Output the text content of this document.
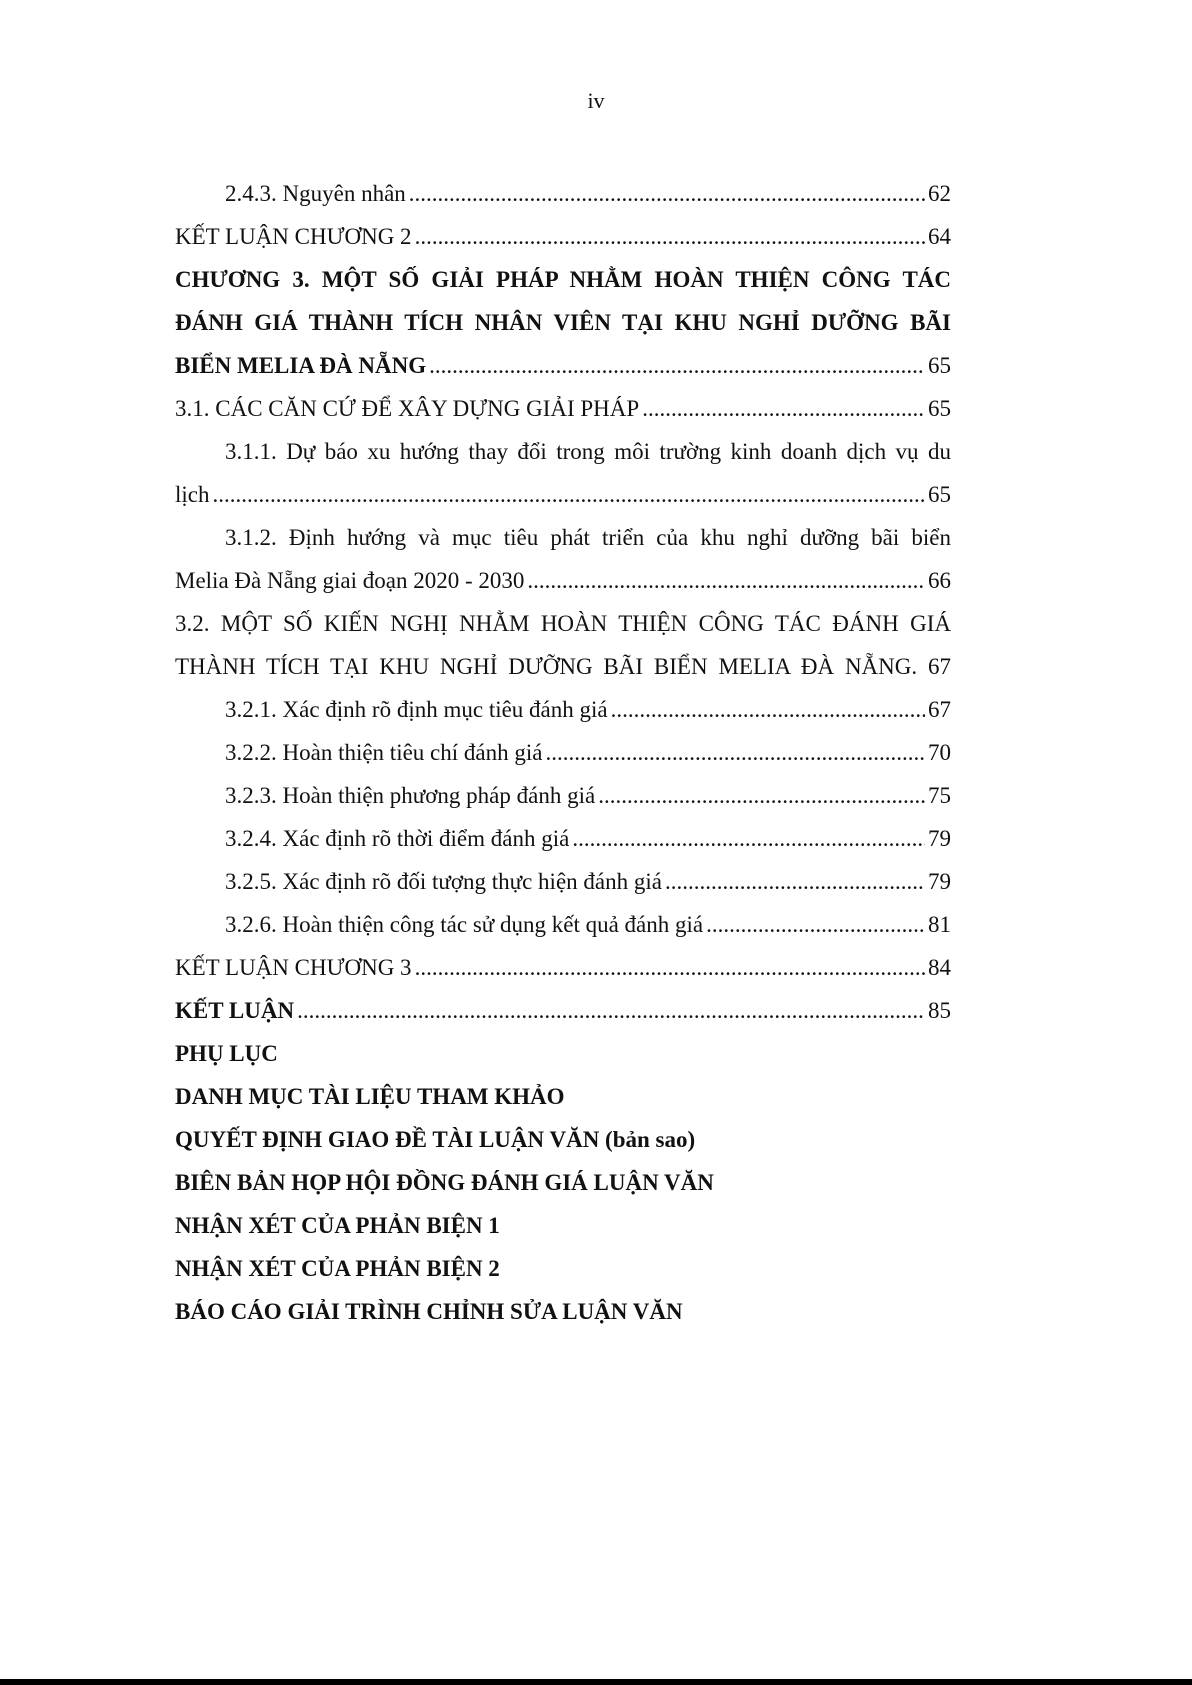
iv
2.4.3. Nguyên nhân .....	62
KẾT LUẬN CHƯƠNG 2 .....	64
CHƯƠNG 3. MỘT SỐ GIẢI PHÁP NHẰM HOÀN THIỆN CÔNG TÁC
ĐÁNH GIÁ THÀNH TÍCH NHÂN VIÊN TẠI KHU NGHỈ DƯỠNG BÃI
BIỂN MELIA ĐÀ NẴNG .....	65
3.1. CÁC CĂN CỨ ĐỂ XÂY DỰNG GIẢI PHÁP .....	65
3.1.1. Dự báo xu hướng thay đổi trong môi trường kinh doanh dịch vụ du
lịch .....	65
3.1.2. Định hướng và mục tiêu phát triển của khu nghỉ dưỡng bãi biển
Melia Đà Nẵng giai đoạn 2020 - 2030 .....	66
3.2. MỘT SỐ KIẾN NGHỊ NHẰM HOÀN THIỆN CÔNG TÁC ĐÁNH GIÁ
THÀNH TÍCH TẠI KHU NGHỈ DƯỠNG BÃI BIỂN MELIA ĐÀ NẴNG. 67
3.2.1. Xác định rõ định mục tiêu đánh giá .....	67
3.2.2. Hoàn thiện tiêu chí đánh giá .....	70
3.2.3. Hoàn thiện phương pháp đánh giá .....	75
3.2.4. Xác định rõ thời điểm đánh giá .....	79
3.2.5. Xác định rõ đối tượng thực hiện đánh giá .....	79
3.2.6. Hoàn thiện công tác sử dụng kết quả đánh giá .....	81
KẾT LUẬN CHƯƠNG 3 .....	84
KẾT LUẬN .....	85
PHỤ LỤC
DANH MỤC TÀI LIỆU THAM KHẢO
QUYẾT ĐỊNH GIAO ĐỀ TÀI LUẬN VĂN (bản sao)
BIÊN BẢN HỌP HỘI ĐỒNG ĐÁNH GIÁ LUẬN VĂN
NHẬN XÉT CỦA PHẢN BIỆN 1
NHẬN XÉT CỦA PHẢN BIỆN 2
BÁO CÁO GIẢI TRÌNH CHỈNH SỬA LUẬN VĂN
